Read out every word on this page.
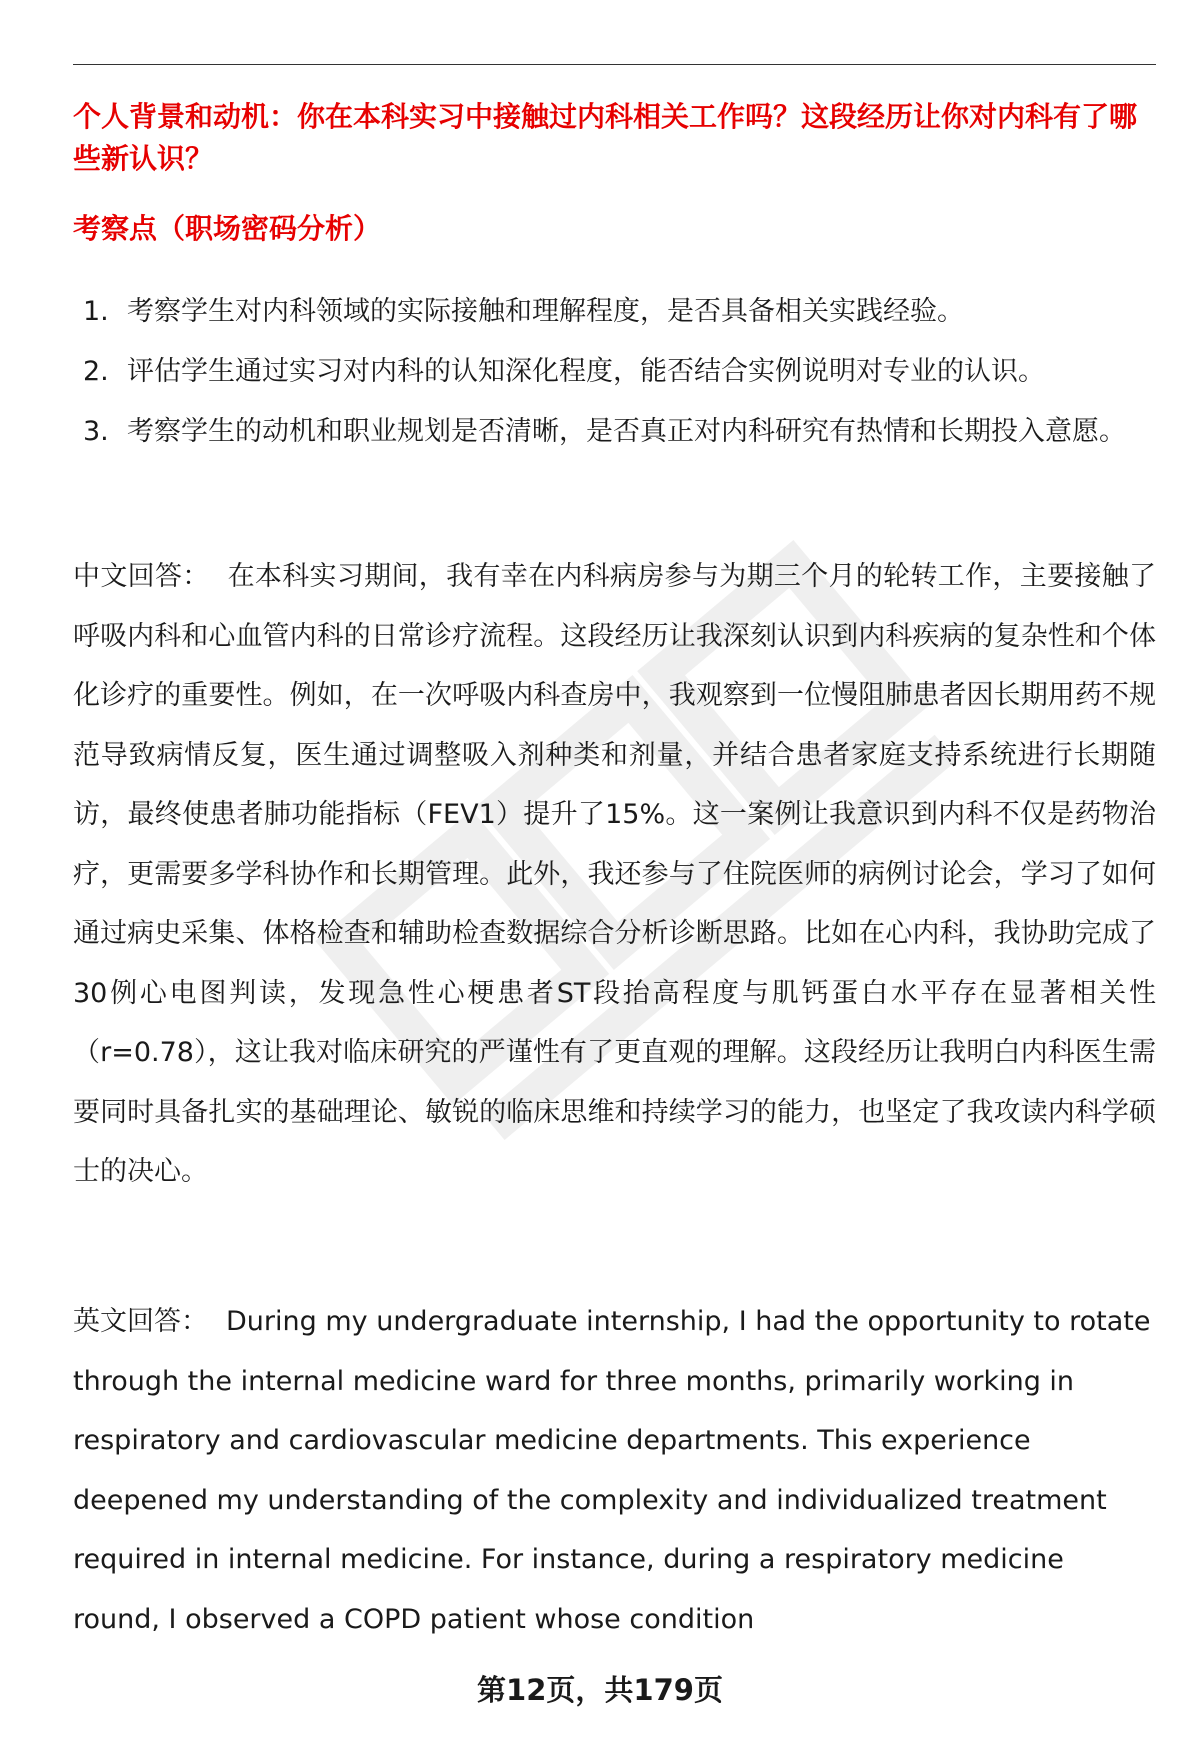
个人背景和动机：你在本科实习中接触过内科相关工作吗？这段经历让你对内科有了哪些新认识？
考察点（职场密码分析）
1. 考察学生对内科领域的实际接触和理解程度，是否具备相关实践经验。
2. 评估学生通过实习对内科的认知深化程度，能否结合实例说明对专业的认识。
3. 考察学生的动机和职业规划是否清晰，是否真正对内科研究有热情和长期投入意愿。

中文回答： 在本科实习期间，我有幸在内科病房参与为期三个月的轮转工作，主要接触了呼吸内科和心血管内科的日常诊疗流程。这段经历让我深刻认识到内科疾病的复杂性和个体化诊疗的重要性。例如，在一次呼吸内科查房中，我观察到一位慢阻肺患者因长期用药不规范导致病情反复，医生通过调整吸入剂种类和剂量，并结合患者家庭支持系统进行长期随访，最终使患者肺功能指标（FEV1）提升了15%。这一案例让我意识到内科不仅是药物治疗，更需要多学科协作和长期管理。此外，我还参与了住院医师的病例讨论会，学习了如何通过病史采集、体格检查和辅助检查数据综合分析诊断思路。比如在心内科，我协助完成了30例心电图判读，发现急性心梗患者ST段抬高程度与肌钙蛋白水平存在显著相关性（r=0.78），这让我对临床研究的严谨性有了更直观的理解。这段经历让我明白内科医生需要同时具备扎实的基础理论、敏锐的临床思维和持续学习的能力，也坚定了我攻读内科学硕士的决心。

英文回答： During my undergraduate internship, I had the opportunity to rotate through the internal medicine ward for three months, primarily working in respiratory and cardiovascular medicine departments. This experience deepened my understanding of the complexity and individualized treatment required in internal medicine. For instance, during a respiratory medicine round, I observed a COPD patient whose condition

第12页，共179页
